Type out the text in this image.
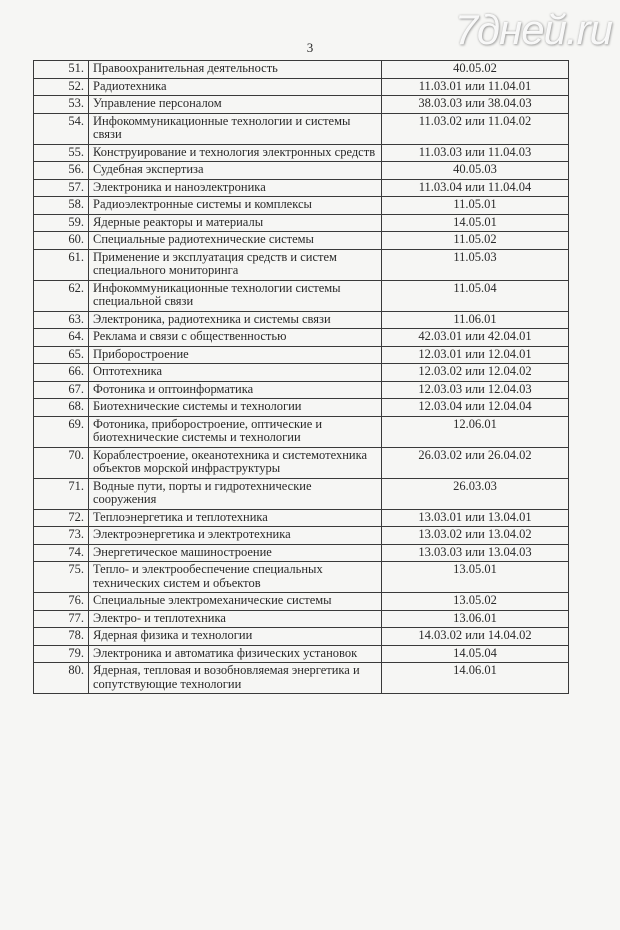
7дней.ru
3
51.	Правоохранительная деятельность	40.05.02
52.	Радиотехника	11.03.01 или 11.04.01
53.	Управление персоналом	38.03.03 или 38.04.03
54.	Инфокоммуникационные технологии и системы связи	11.03.02 или 11.04.02
55.	Конструирование и технология электронных средств	11.03.03 или 11.04.03
56.	Судебная экспертиза	40.05.03
57.	Электроника и наноэлектроника	11.03.04 или 11.04.04
58.	Радиоэлектронные системы и комплексы	11.05.01
59.	Ядерные реакторы и материалы	14.05.01
60.	Специальные радиотехнические системы	11.05.02
61.	Применение и эксплуатация средств и систем специального мониторинга	11.05.03
62.	Инфокоммуникационные технологии системы специальной связи	11.05.04
63.	Электроника, радиотехника и системы связи	11.06.01
64.	Реклама и связи с общественностью	42.03.01 или 42.04.01
65.	Приборостроение	12.03.01 или 12.04.01
66.	Оптотехника	12.03.02 или 12.04.02
67.	Фотоника и оптоинформатика	12.03.03 или 12.04.03
68.	Биотехнические системы и технологии	12.03.04 или 12.04.04
69.	Фотоника, приборостроение, оптические и биотехнические системы и технологии	12.06.01
70.	Кораблестроение, океанотехника и системотехника объектов морской инфраструктуры	26.03.02 или 26.04.02
71.	Водные пути, порты и гидротехнические сооружения	26.03.03
72.	Теплоэнергетика и теплотехника	13.03.01 или 13.04.01
73.	Электроэнергетика и электротехника	13.03.02 или 13.04.02
74.	Энергетическое машиностроение	13.03.03 или 13.04.03
75.	Тепло- и электрообеспечение специальных технических систем и объектов	13.05.01
76.	Специальные электромеханические системы	13.05.02
77.	Электро- и теплотехника	13.06.01
78.	Ядерная физика и технологии	14.03.02 или 14.04.02
79.	Электроника и автоматика физических установок	14.05.04
80.	Ядерная, тепловая и возобновляемая энергетика и сопутствующие технологии	14.06.01
